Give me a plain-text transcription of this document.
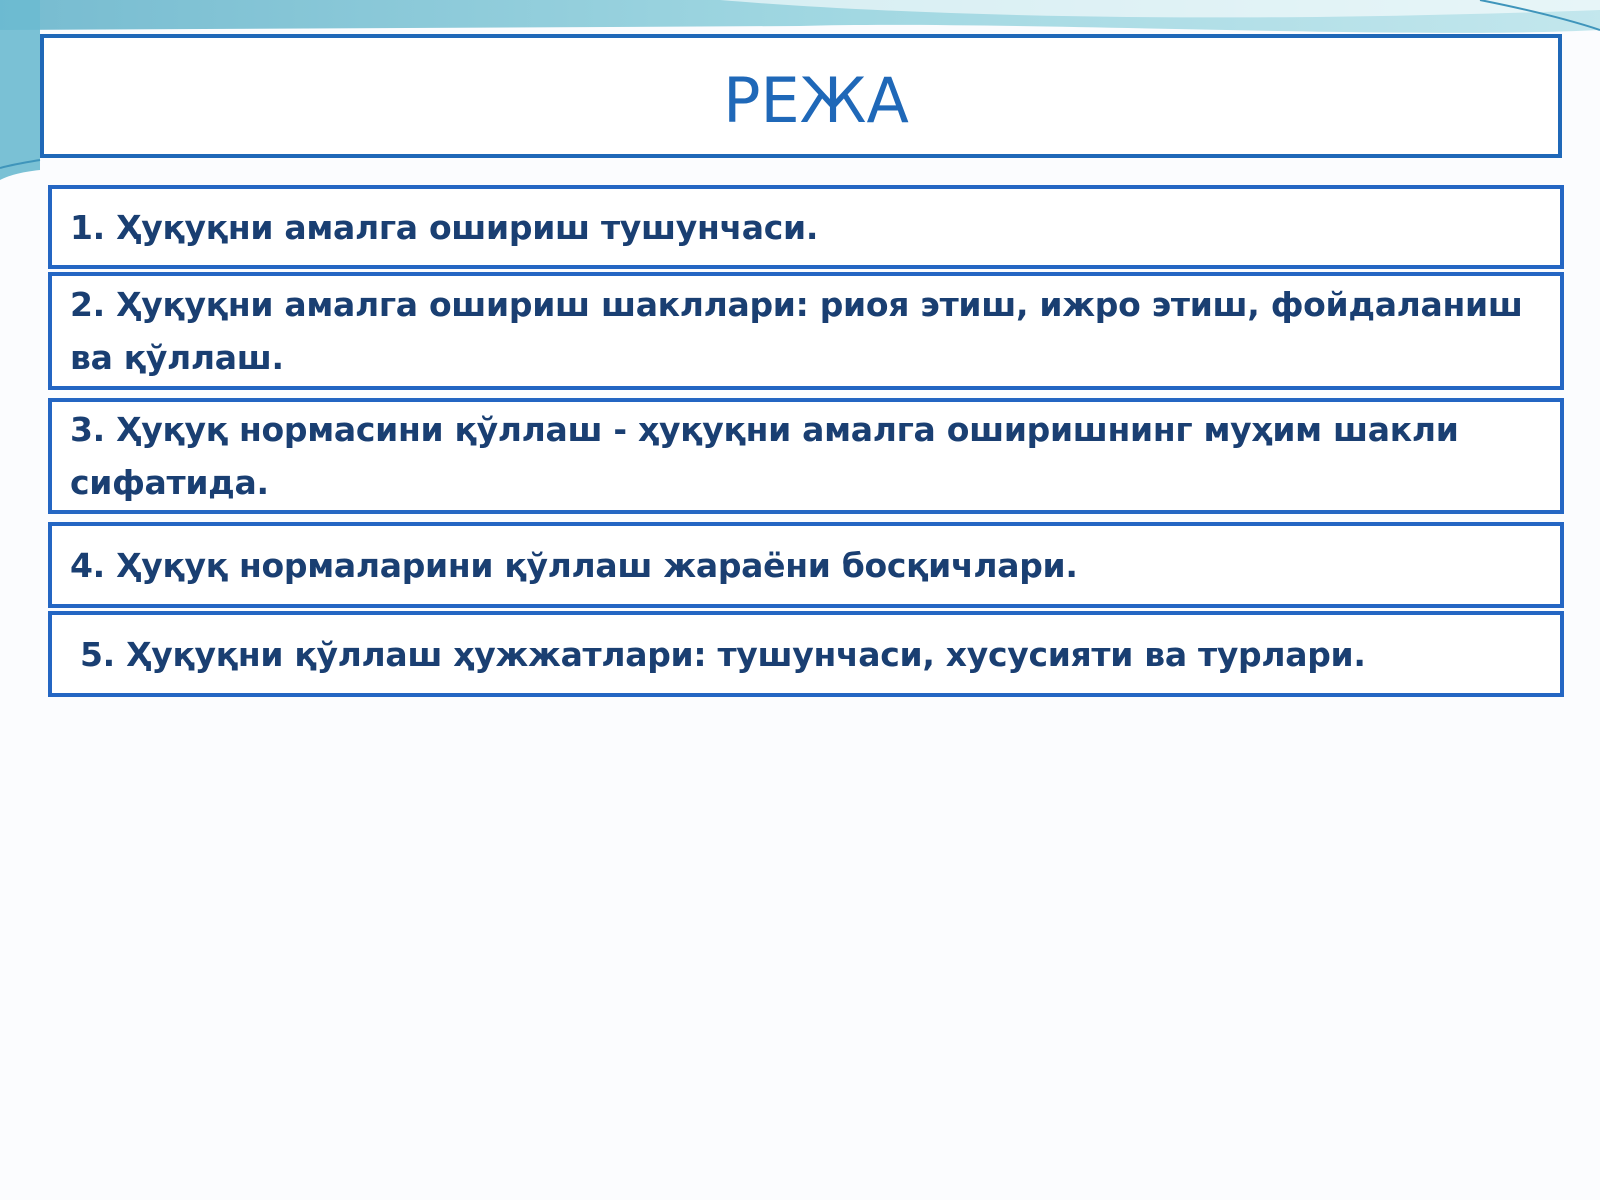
РЕЖА
1. Ҳуқуқни амалга ошириш тушунчаси.
2. Ҳуқуқни амалга ошириш шакллари: риоя этиш, ижро этиш, фойдаланиш ва қўллаш.
3. Ҳуқуқ нормасини қўллаш - ҳуқуқни амалга оширишнинг муҳим шакли сифатида.
4. Ҳуқуқ нормаларини қўллаш жараёни босқичлари.
5. Ҳуқуқни қўллаш ҳужжатлари: тушунчаси, хусусияти ва турлари.
